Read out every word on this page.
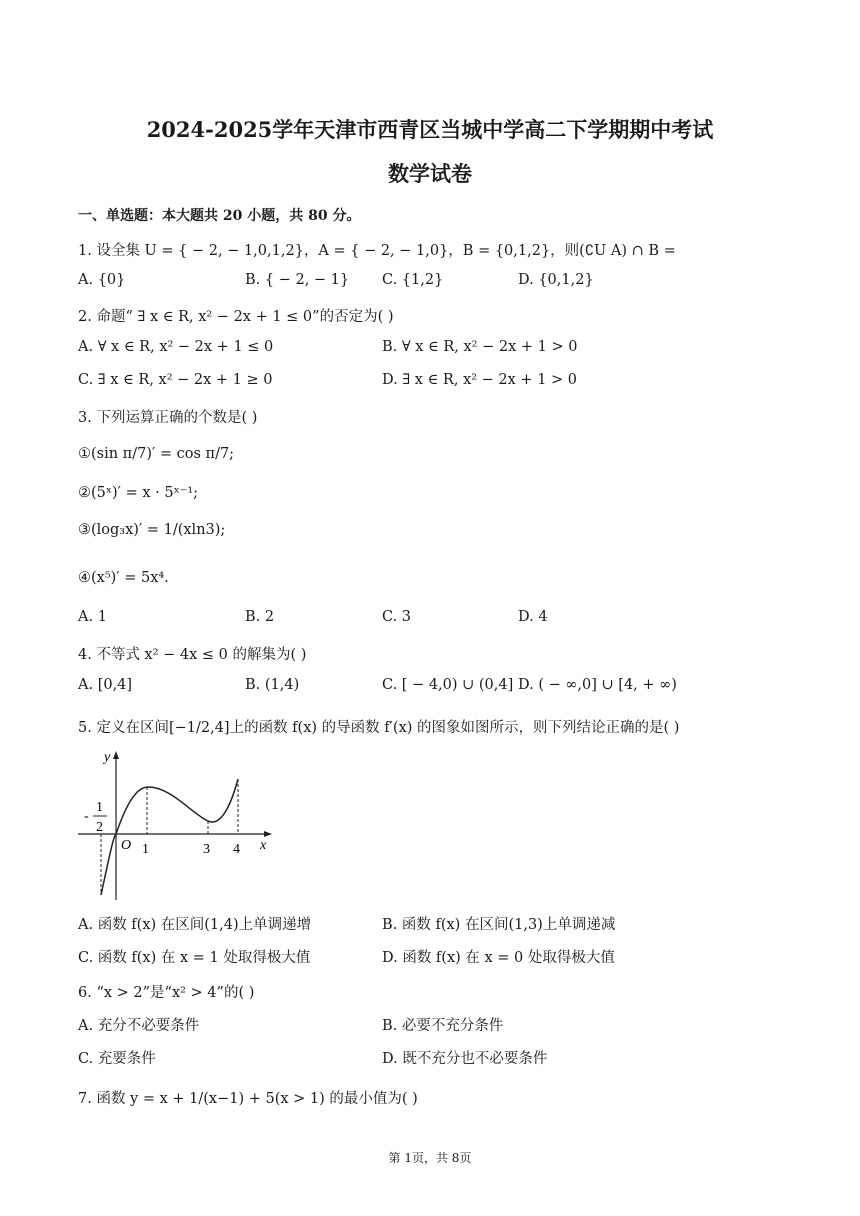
2024-2025学年天津市西青区当城中学高二下学期期中考试
数学试卷
一、单选题：本大题共 20 小题，共 80 分。
1. 设全集 U = { − 2, − 1,0,1,2}，A = { − 2, − 1,0}，B = {0,1,2}，则(∁U A) ∩ B =
A. {0}	B. { − 2, − 1} C. {1,2}	D. {0,1,2}
2. 命题“ ∃ x ∈ R, x² − 2x + 1 ≤ 0”的否定为( )
A. ∀ x ∈ R, x² − 2x + 1 ≤ 0	B. ∀ x ∈ R, x² − 2x + 1 > 0
C. ∃ x ∈ R, x² − 2x + 1 ≥ 0	D. ∃ x ∈ R, x² − 2x + 1 > 0
3. 下列运算正确的个数是( )
①(sin π/7)′ = cos π/7;
②(5ˣ)′ = x · 5ˣ⁻¹;
③(log₃x)′ = 1/(xln3);
④(x⁵)′ = 5x⁴.
A. 1	B. 2	C. 3	D. 4
4. 不等式 x² − 4x ≤ 0 的解集为( )
A. [0,4]	B. (1,4)	C. [ − 4,0) ∪ (0,4] D. ( − ∞,0] ∪ [4, + ∞)
5. 定义在区间[−1/2,4]上的函数 f(x) 的导函数 f′(x) 的图象如图所示，则下列结论正确的是( )
y
x
O 1	3 4
-
1
2
A. 函数 f(x) 在区间(1,4)上单调递增	B. 函数 f(x) 在区间(1,3)上单调递减
C. 函数 f(x) 在 x = 1 处取得极大值	D. 函数 f(x) 在 x = 0 处取得极大值
6. “x > 2”是“x² > 4”的( )
A. 充分不必要条件	B. 必要不充分条件
C. 充要条件	D. 既不充分也不必要条件
7. 函数 y = x + 1/(x−1) + 5(x > 1) 的最小值为( )
第 1页，共 8页
